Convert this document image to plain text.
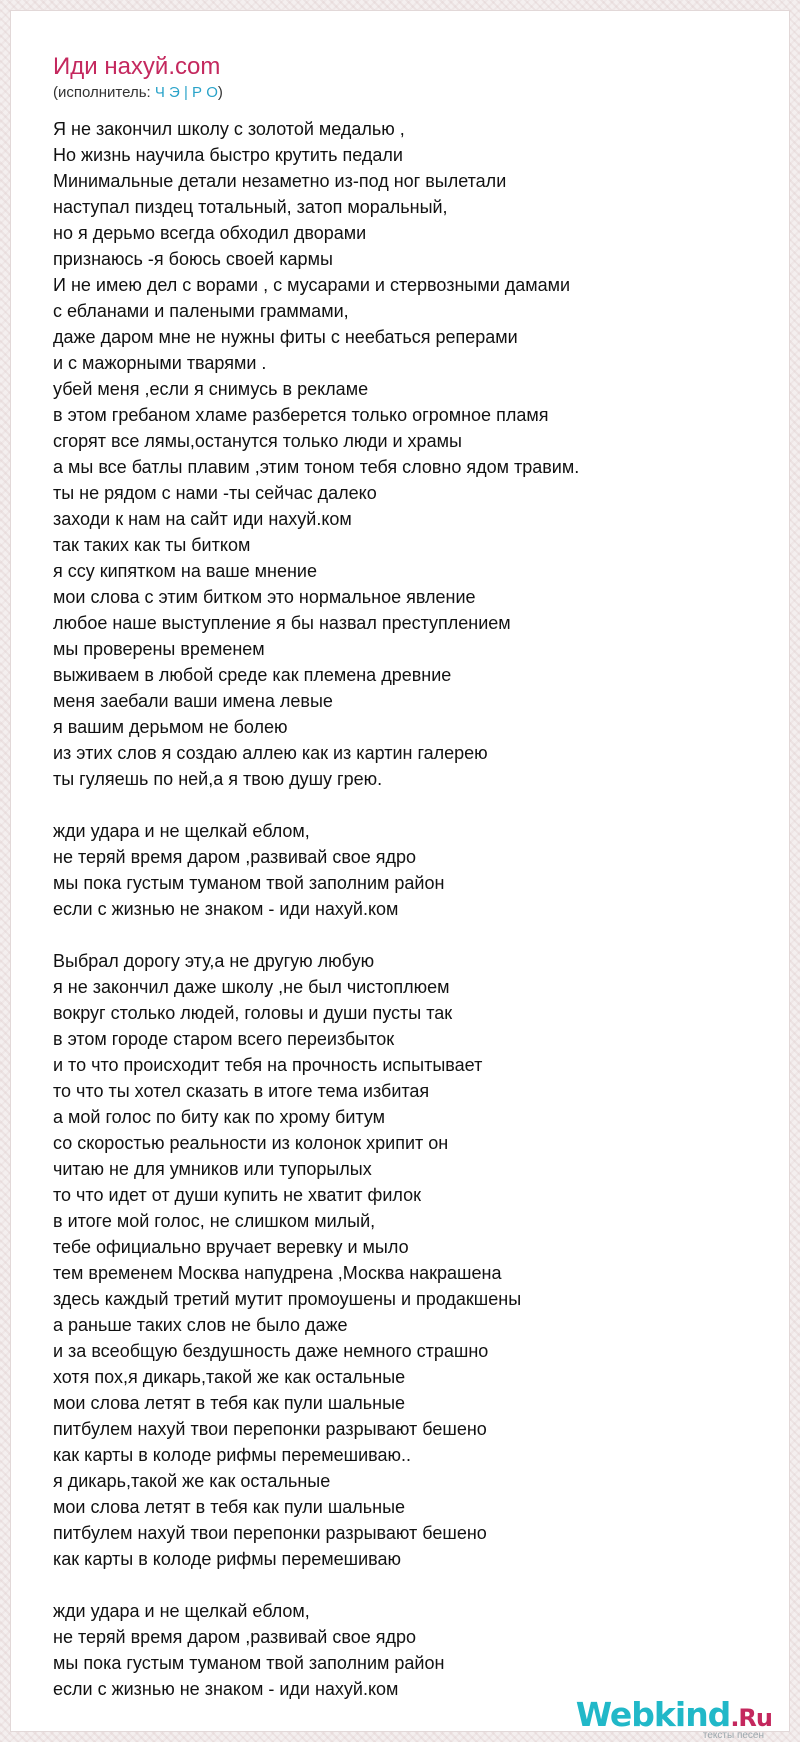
Иди нахуй.com
(исполнитель: Ч Э | Р О)
Я не закончил школу с золотой медалью ,
Но жизнь научила быстро крутить педали
Минимальные детали незаметно из-под ног вылетали
наступал пиздец тотальный, затоп моральный,
но я дерьмо всегда обходил дворами
признаюсь -я боюсь своей кармы
И не имею дел с ворами , с мусарами и стервозными дамами
с ебланами и палеными граммами,
даже даром мне не нужны фиты с неебаться реперами
и с мажорными тварями .
убей меня ,если я снимусь в рекламе
в этом гребаном хламе разберется только огромное пламя
сгорят все лямы,останутся только люди и храмы
а мы все батлы плавим ,этим тоном тебя словно ядом травим.
ты не рядом с нами -ты сейчас далеко
заходи к нам на сайт иди нахуй.ком
так таких как ты битком
я ссу кипятком на ваше мнение
мои слова с этим битком это нормальное явление
любое наше выступление я бы назвал преступлением
мы проверены временем
выживаем в любой среде как племена древние
меня заебали ваши имена левые
я вашим дерьмом не болею
из этих слов я создаю аллею как из картин галерею
ты гуляешь по ней,а я твою душу грею.
жди удара и не щелкай еблом,
не теряй время даром ,развивай свое ядро
мы пока густым туманом твой заполним район
если с жизнью не знаком - иди нахуй.ком
Выбрал дорогу эту,а не другую любую
я не закончил даже школу ,не был чистоплюем
вокруг столько людей, головы и души пусты так
в этом городе старом всего переизбыток
и то что происходит тебя на прочность испытывает
то что ты хотел сказать в итоге тема избитая
а мой голос по биту как по хрому битум
со скоростью реальности из колонок хрипит он
читаю не для умников или тупорылых
то что идет от души купить не хватит филок
в итоге мой голос, не слишком милый,
тебе официально вручает веревку и мыло
тем временем Москва напудрена ,Москва накрашена
здесь каждый третий мутит промоушены и продакшены
а раньше таких слов не было даже
и за всеобщую бездушность даже немного страшно
хотя пох,я дикарь,такой же как остальные
мои слова летят в тебя как пули шальные
питбулем нахуй твои перепонки разрывают бешено
как карты в колоде рифмы перемешиваю..
я дикарь,такой же как остальные
мои слова летят в тебя как пули шальные
питбулем нахуй твои перепонки разрывают бешено
как карты в колоде рифмы перемешиваю
жди удара и не щелкай еблом,
не теряй время даром ,развивай свое ядро
мы пока густым туманом твой заполним район
если с жизнью не знаком - иди нахуй.ком
Webkind.Ru
тексты песен
